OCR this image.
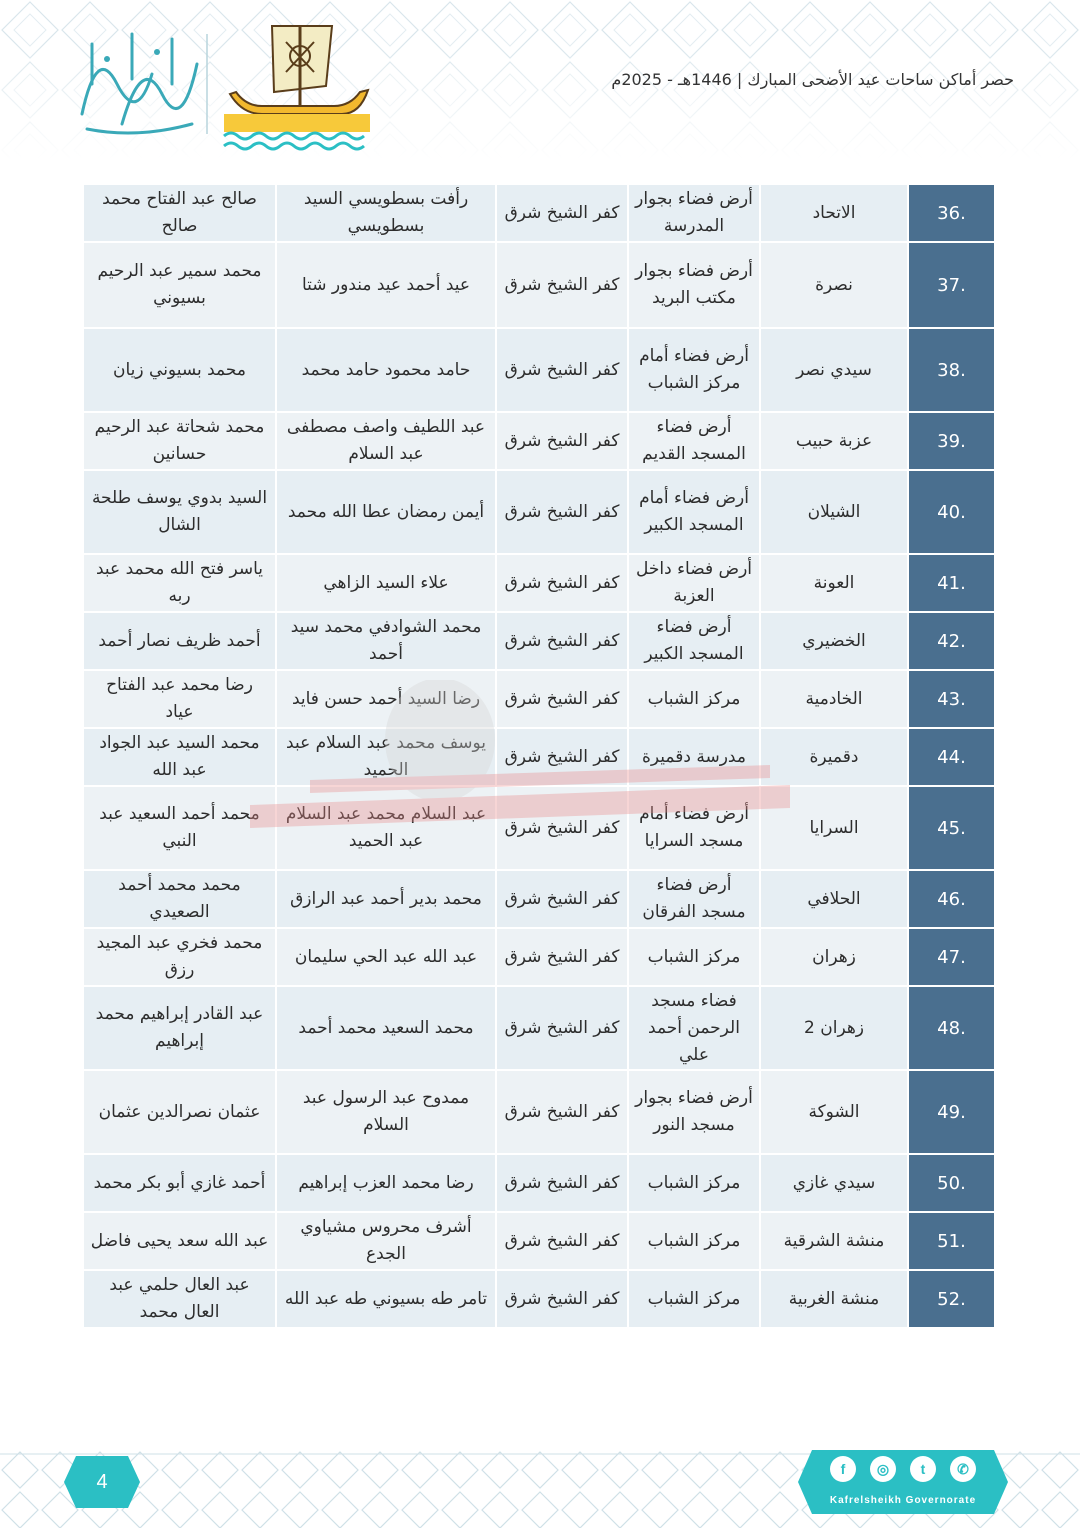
حصر أماكن ساحات عيد الأضحى المبارك | 1446هـ - 2025م
36.	الاتحاد	أرض فضاء بجوار المدرسة	كفر الشيخ شرق	رأفت بسطويسي السيد بسطويسي	صالح عبد الفتاح محمد صالح
37.	نصرة	أرض فضاء بجوار مكتب البريد	كفر الشيخ شرق	عيد أحمد عيد مندور شتا	محمد سمير عبد الرحيم بسيوني
38.	سيدي نصر	أرض فضاء أمام مركز الشباب	كفر الشيخ شرق	حامد محمود حامد محمد	محمد بسيوني زيان
39.	عزبة حبيب	أرض فضاء المسجد القديم	كفر الشيخ شرق	عبد اللطيف واصف مصطفى عبد السلام	محمد شحاتة عبد الرحيم حسانين
40.	الشيلان	أرض فضاء أمام المسجد الكبير	كفر الشيخ شرق	أيمن رمضان عطا الله محمد	السيد بدوي يوسف طلحة الشال
41.	العونة	أرض فضاء داخل العزبة	كفر الشيخ شرق	علاء السيد الزاهي	ياسر فتح الله محمد عبد ربه
42.	الخضيري	أرض فضاء المسجد الكبير	كفر الشيخ شرق	محمد الشوادفي محمد سيد أحمد	أحمد ظريف نصار أحمد
43.	الخادمية	مركز الشباب	كفر الشيخ شرق	رضا السيد أحمد حسن فايد	رضا محمد عبد الفتاح عياد
44.	دقميرة	مدرسة دقميرة	كفر الشيخ شرق	يوسف محمد عبد السلام عبد الحميد	محمد السيد عبد الجواد عبد الله
45.	السرايا	أرض فضاء أمام مسجد السرايا	كفر الشيخ شرق	عبد السلام محمد عبد السلام عبد الحميد	محمد أحمد السعيد عبد النبي
46.	الحلافي	أرض فضاء مسجد الفرقان	كفر الشيخ شرق	محمد بدير أحمد عبد الرازق	محمد محمد أحمد الصعيدي
47.	زهران	مركز الشباب	كفر الشيخ شرق	عبد الله عبد الحي سليمان	محمد فخري عبد المجيد رزق
48.	زهران 2	فضاء مسجد الرحمن أحمد علي	كفر الشيخ شرق	محمد السعيد محمد أحمد	عبد القادر إبراهيم محمد إبراهيم
49.	الشوكة	أرض فضاء بجوار مسجد النور	كفر الشيخ شرق	ممدوح عبد الرسول عبد السلام	عثمان نصرالدين عثمان
50.	سيدي غازي	مركز الشباب	كفر الشيخ شرق	رضا محمد العزب إبراهيم	أحمد غازي أبو بكر محمد
51.	منشة الشرقية	مركز الشباب	كفر الشيخ شرق	أشرف محروس مشياوي الجدع	عبد الله سعد يحيى فاضل
52.	منشة الغربية	مركز الشباب	كفر الشيخ شرق	تامر طه بسيوني طه عبد الله	عبد العال حلمي عبد العال محمد
4
f	◎	t	✆
Kafrelsheikh Governorate
